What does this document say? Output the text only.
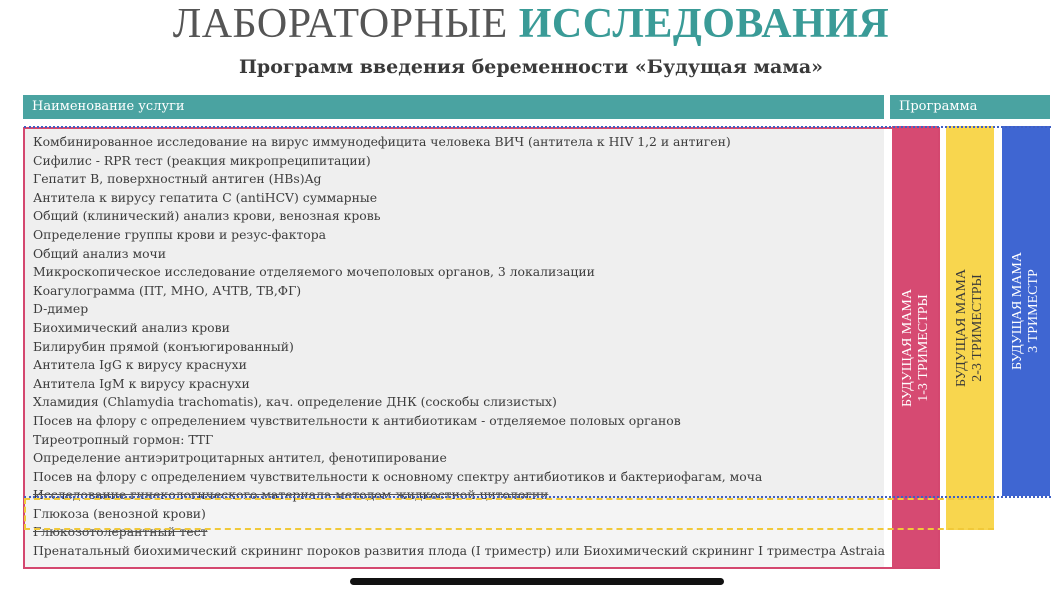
ЛАБОРАТОРНЫЕ ИССЛЕДОВАНИЯ
Программ введения беременности «Будущая мама»
Наименование услуги	Программа
БУДУЩАЯ МАМА 1-3 ТРИМЕСТРЫ БУДУЩАЯ МАМА 2-3 ТРИМЕСТРЫ БУДУЩАЯ МАМА 3 ТРИМЕСТР
Комбинированное исследование на вирус иммунодефицита человека ВИЧ (антитела к HIV 1,2 и антиген)
Сифилис - RPR тест (реакция микропреципитации)
Гепатит В, поверхностный антиген (HBs)Ag
Антитела к вирусу гепатита С (antiHCV) суммарные
Общий (клинический) анализ крови, венозная кровь
Определение группы крови и резус-фактора
Общий анализ мочи
Микроскопическое исследование отделяемого мочеполовых органов, 3 локализации
Коагулограмма (ПТ, МНО, АЧТВ, ТВ,ФГ)
D-димер
Биохимический анализ крови
Билирубин прямой (конъюгированный)
Антитела IgG к вирусу краснухи
Антитела IgM к вирусу краснухи
Хламидия (Chlamydia trachomatis), кач. определение ДНК (соскобы слизистых)
Посев на флору с определением чувствительности к антибиотикам - отделяемое половых органов
Тиреотропный гормон: ТТГ
Определение антиэритроцитарных антител, фенотипирование
Посев на флору с определением чувствительности к основному спектру антибиотиков и бактериофагам, моча
Исследование гинекологического материала методом жидкостной цитологии
Глюкоза (венозной крови)
Глюкозотолерантный тест
Пренатальный биохимический скрининг пороков развития плода (I триместр) или Биохимический скрининг I триместра Astraia
